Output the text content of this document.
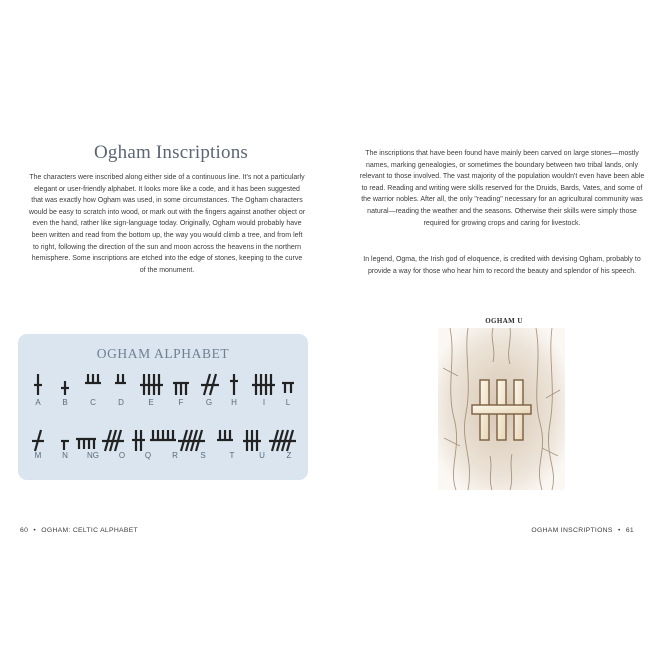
Ogham Inscriptions
The characters were inscribed along either side of a continuous line. It's not a particularly elegant or user-friendly alphabet. It looks more like a code, and it has been suggested that was exactly how Ogham was used, in some circumstances. The Ogham characters would be easy to scratch into wood, or mark out with the fingers against another object or even the hand, rather like sign-language today. Originally, Ogham would probably have been written and read from the bottom up, the way you would climb a tree, and from left to right, following the direction of the sun and moon across the heavens in the northern hemisphere. Some inscriptions are etched into the edge of stones, keeping to the curve of the monument.
OGHAM ALPHABET
A	B	C	D	E	F	G	H	I	L
M	N	NG	O	Q	R	S	T	U	Z
60 • OGHAM: CELTIC ALPHABET
The inscriptions that have been found have mainly been carved on large stones—mostly names, marking genealogies, or sometimes the boundary between two tribal lands, only relevant to those involved. The vast majority of the population wouldn't even have been able to read. Reading and writing were skills reserved for the Druids, Bards, Vates, and some of the warrior nobles. After all, the only "reading" necessary for an agricultural community was natural—reading the weather and the seasons. Otherwise their skills were simply those required for growing crops and caring for livestock.
In legend, Ogma, the Irish god of eloquence, is credited with devising Ogham, probably to provide a way for those who hear him to record the beauty and splendor of his speech.
OGHAM U
OGHAM INSCRIPTIONS • 61
